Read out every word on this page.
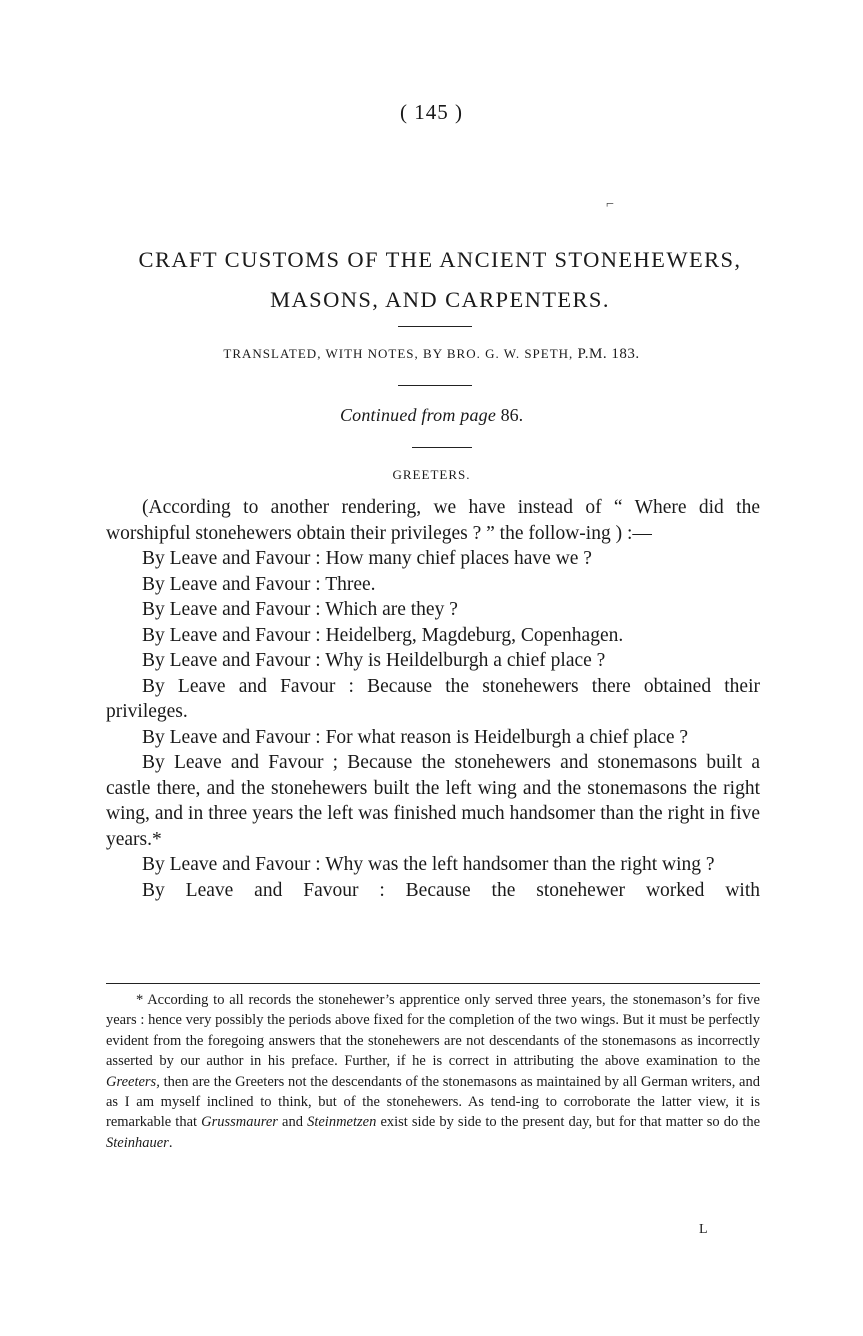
( 145 )
⌐
CRAFT CUSTOMS OF THE ANCIENT STONEHEWERS,
MASONS, AND CARPENTERS.
TRANSLATED, WITH NOTES, BY BRO. G. W. SPETH, P.M. 183.
Continued from page 86.
GREETERS.

(According to another rendering, we have instead of “ Where did the worshipful stonehewers obtain their privileges ? ” the follow-ing ) :—

By Leave and Favour : How many chief places have we ?

By Leave and Favour : Three.

By Leave and Favour : Which are they ?

By Leave and Favour : Heidelberg, Magdeburg, Copenhagen.

By Leave and Favour : Why is Heildelburgh a chief place ?

By Leave and Favour : Because the stonehewers there obtained their privileges.

By Leave and Favour : For what reason is Heidelburgh a chief place ?

By Leave and Favour ; Because the stonehewers and stonemasons built a castle there, and the stonehewers built the left wing and the stonemasons the right wing, and in three years the left was finished much handsomer than the right in five years.*

By Leave and Favour : Why was the left handsomer than the right wing ?

By Leave and Favour : Because the stonehewer worked with

* According to all records the stonehewer’s apprentice only served three years, the stonemason’s for five years : hence very possibly the periods above fixed for the completion of the two wings. But it must be perfectly evident from the foregoing answers that the stonehewers are not descendants of the stonemasons as incorrectly asserted by our author in his preface. Further, if he is correct in attributing the above examination to the Greeters, then are the Greeters not the descendants of the stonemasons as maintained by all German writers, and as I am myself inclined to think, but of the stonehewers. As tend-ing to corroborate the latter view, it is remarkable that Grussmaurer and Steinmetzen exist side by side to the present day, but for that matter so do the Steinhauer.

L
